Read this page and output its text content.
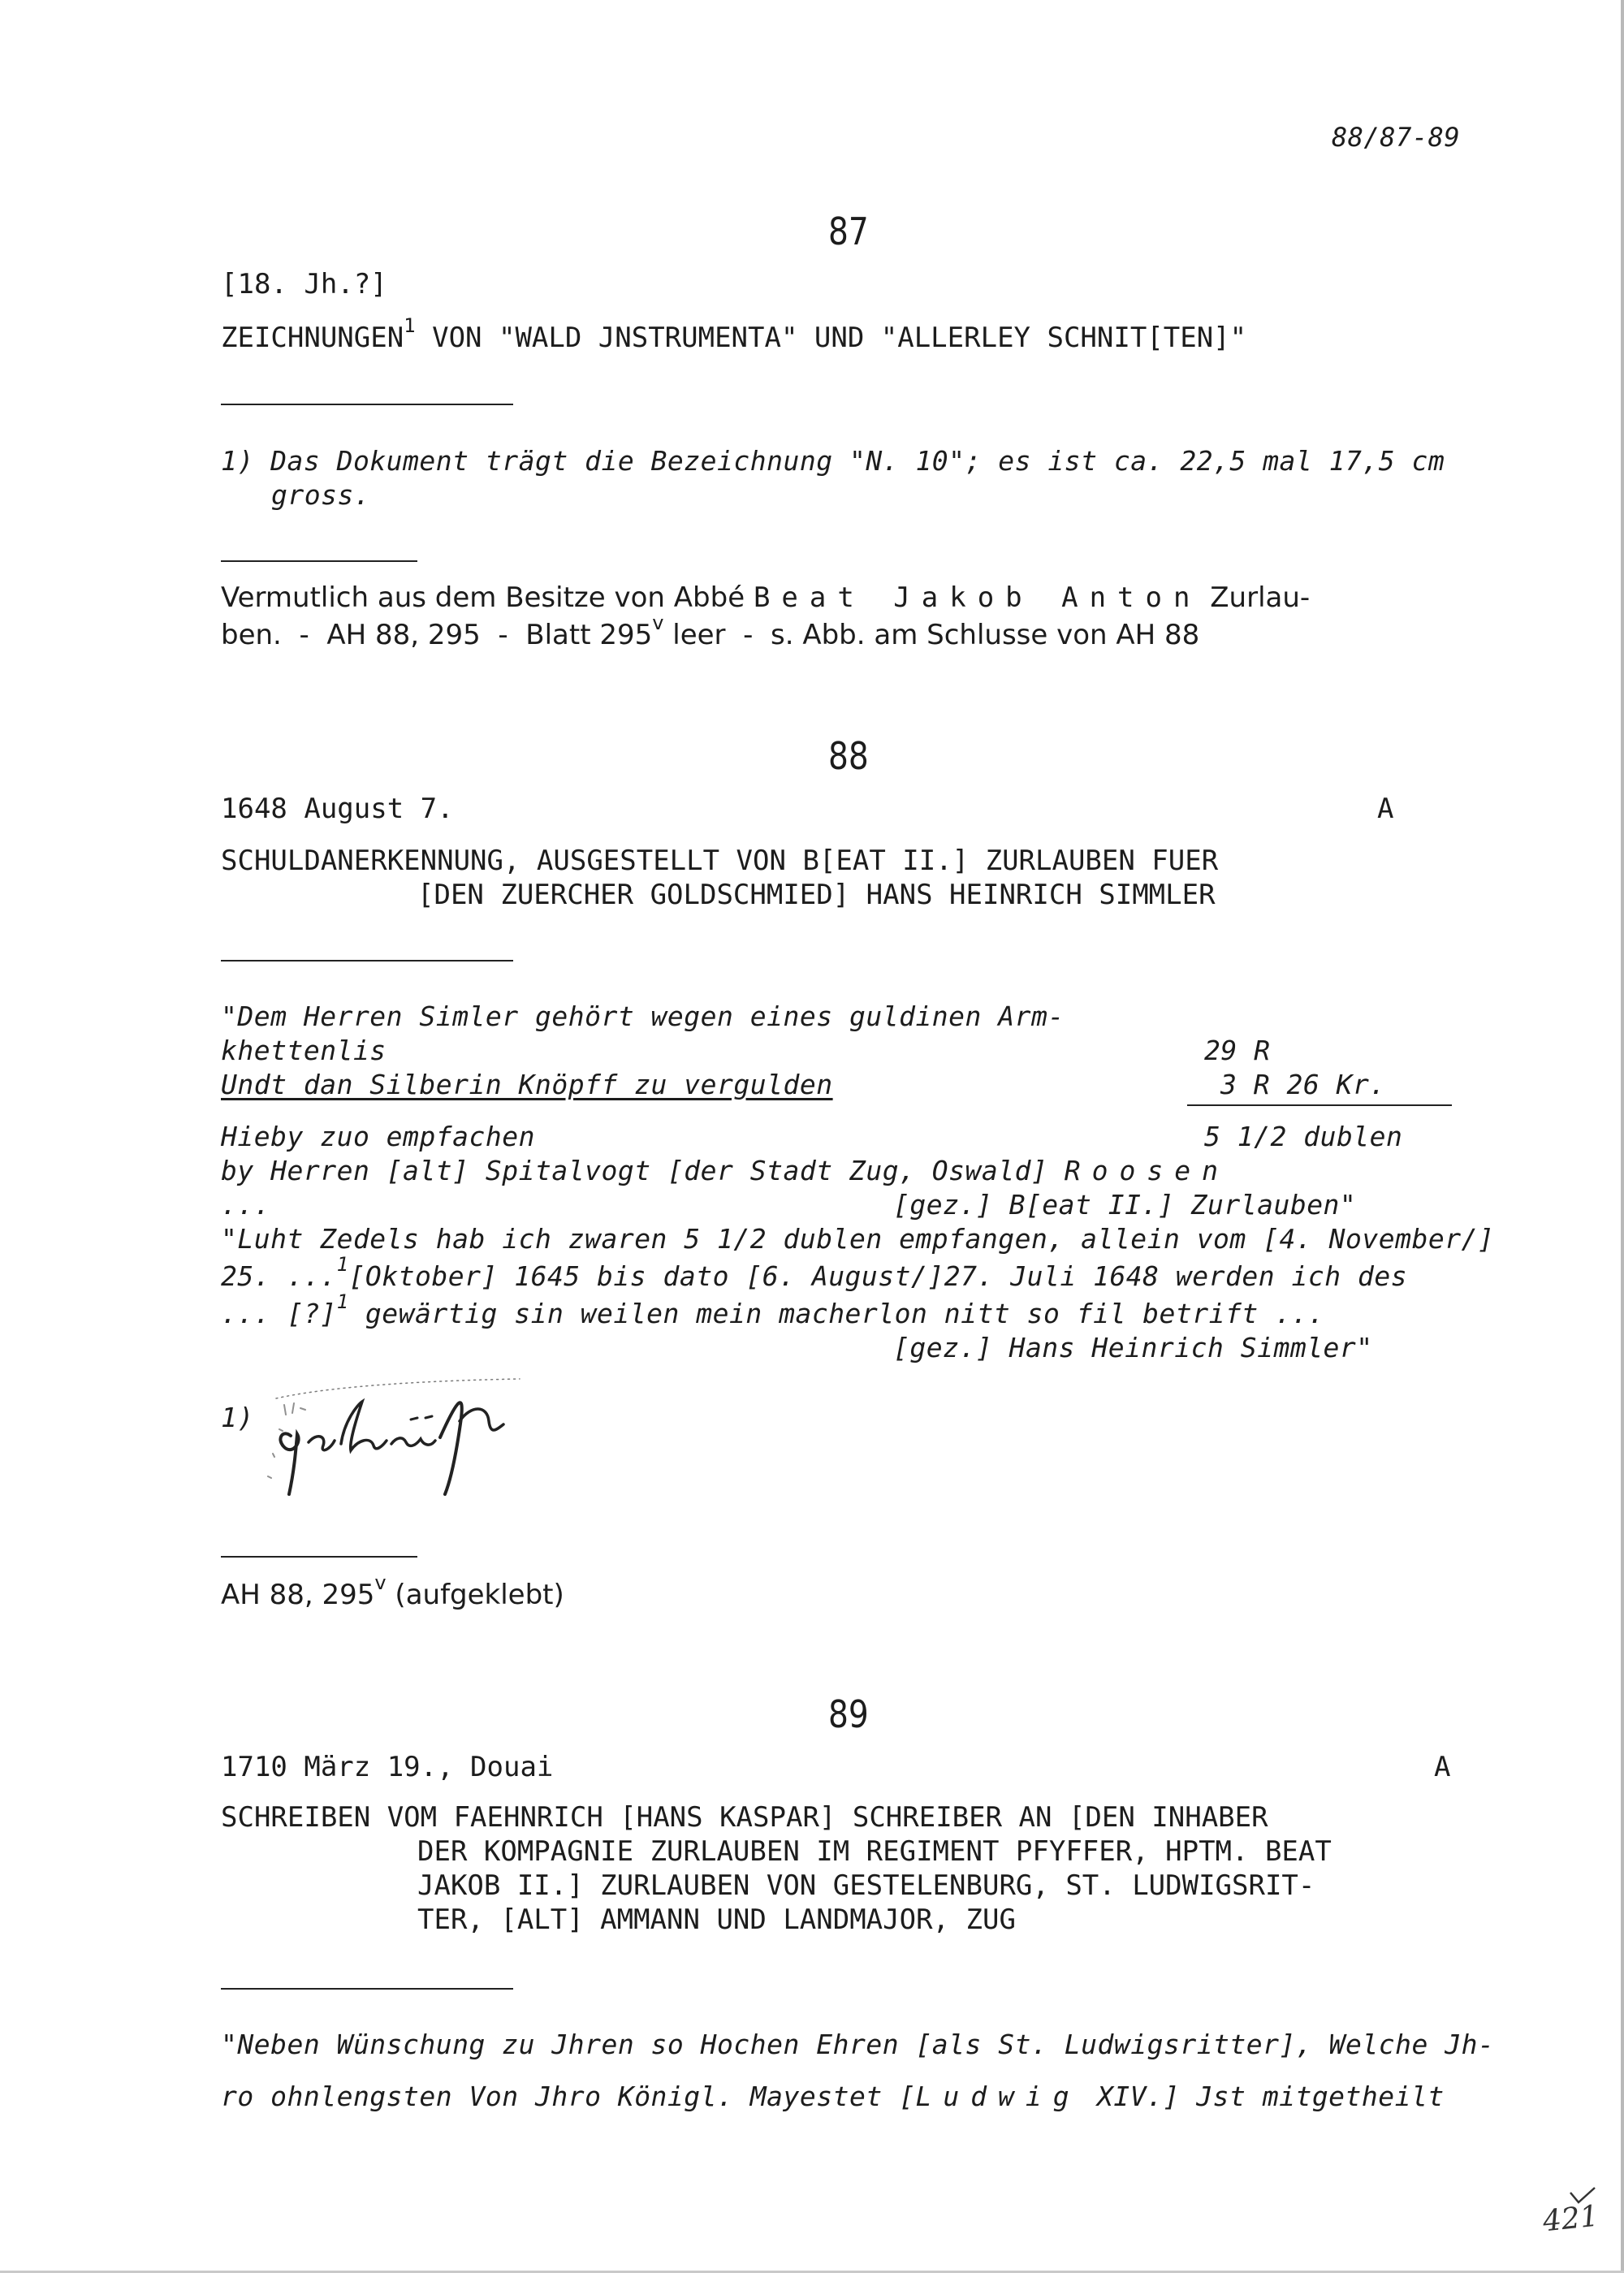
88/87-89
87
[18. Jh.?]
ZEICHNUNGEN$^1$ VON "WALD JNSTRUMENTA" UND "ALLERLEY SCHNIT[TEN]"
1) Das Dokument trägt die Bezeichnung "N. 10"; es ist ca. 22,5 mal 17,5 cm
gross.
Vermutlich aus dem Besitze von Abbé Beat Jakob Anton Zurlau-
ben.  -  AH 88, 295  -  Blatt 295$^v$ leer  -  s. Abb. am Schlusse von AH 88
88
1648 August 7.	A
SCHULDANERKENNUNG, AUSGESTELLT VON B[EAT II.] ZURLAUBEN FUER
[DEN ZUERCHER GOLDSCHMIED] HANS HEINRICH SIMMLER
"Dem Herren Simler gehört wegen eines guldinen Arm-
khettenlis	29 R
Undt dan Silberin Knöpff zu vergulden	3 R 26 Kr.
Hieby zuo empfachen	5 1/2 dublen
by Herren [alt] Spitalvogt [der Stadt Zug, Oswald] Roosen
...	[gez.] B[eat II.] Zurlauben"
"Luht Zedels hab ich zwaren 5 1/2 dublen empfangen, allein vom [4. November/]
25. ...$^1$[Oktober] 1645 bis dato [6. August/]27. Juli 1648 werden ich des
... [?]$^1$ gewärtig sin weilen mein macherlon nitt so fil betrift ...
[gez.] Hans Heinrich Simmler"
1)
AH 88, 295$^v$ (aufgeklebt)
89
1710 März 19., Douai	A
SCHREIBEN VOM FAEHNRICH [HANS KASPAR] SCHREIBER AN [DEN INHABER
DER KOMPAGNIE ZURLAUBEN IM REGIMENT PFYFFER, HPTM. BEAT
JAKOB II.] ZURLAUBEN VON GESTELENBURG, ST. LUDWIGSRIT-
TER, [ALT] AMMANN UND LANDMAJOR, ZUG
"Neben Wünschung zu Jhren so Hochen Ehren [als St. Ludwigsritter], Welche Jh-
ro ohnlengsten Von Jhro Königl. Mayestet [Ludwig XIV.] Jst mitgetheilt
421
